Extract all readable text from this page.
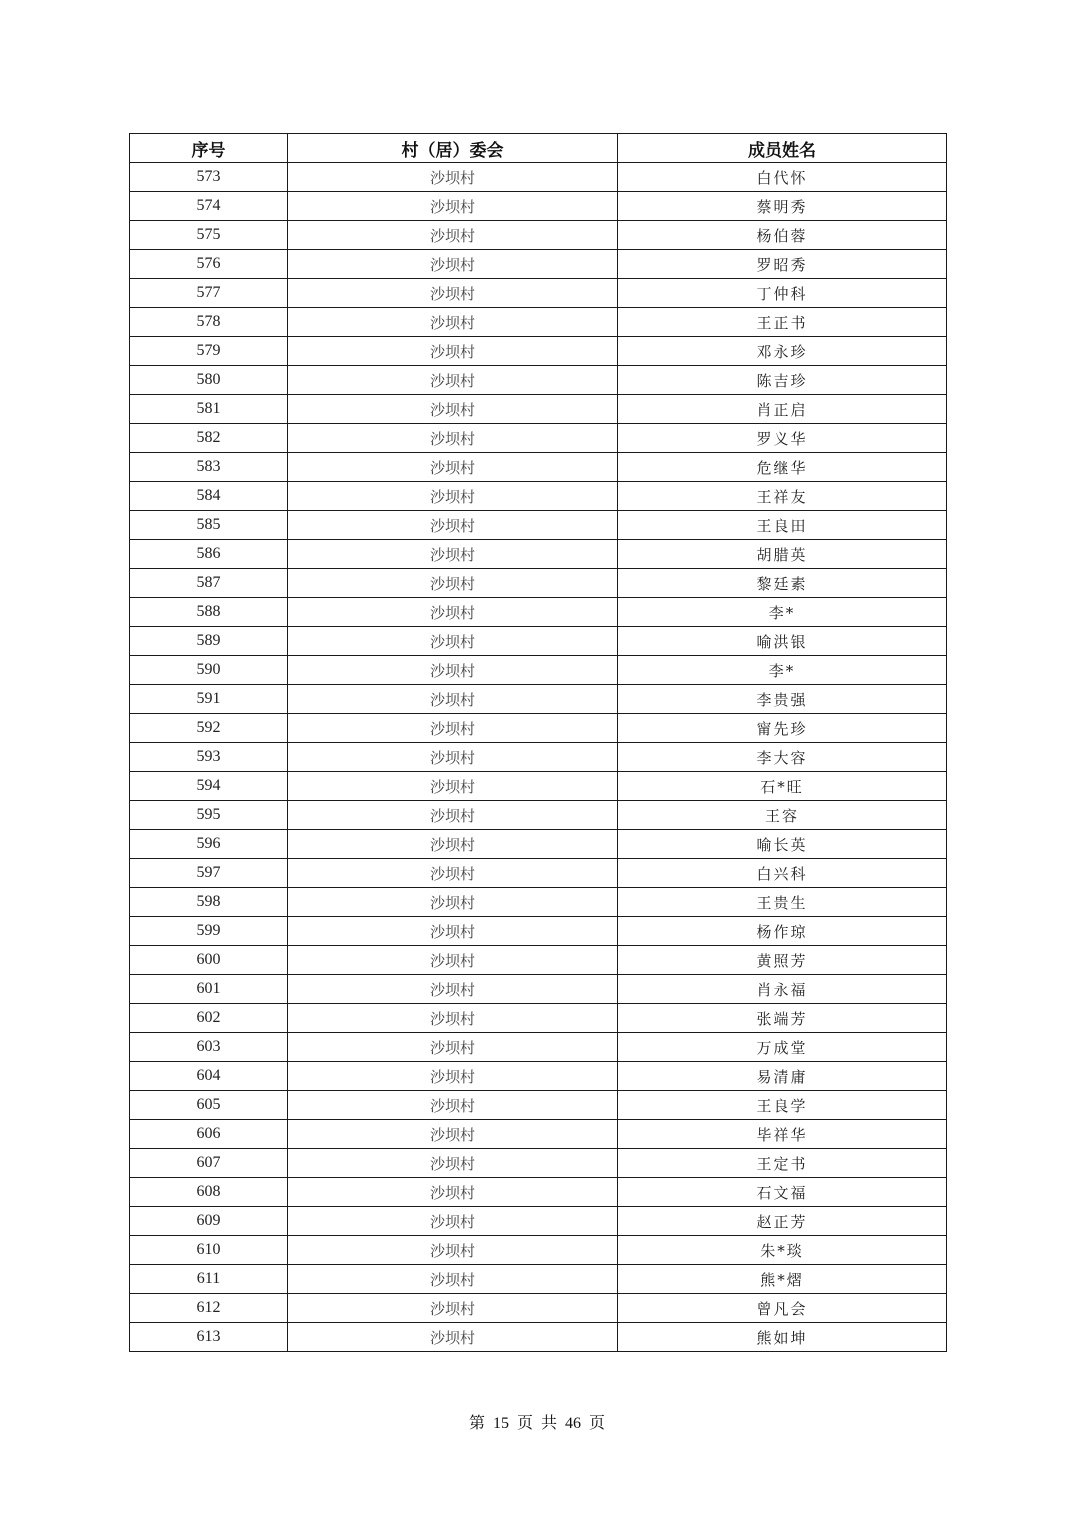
序号	村（居）委会	成员姓名
573	沙坝村	白代怀
574	沙坝村	蔡明秀
575	沙坝村	杨伯蓉
576	沙坝村	罗昭秀
577	沙坝村	丁仲科
578	沙坝村	王正书
579	沙坝村	邓永珍
580	沙坝村	陈吉珍
581	沙坝村	肖正启
582	沙坝村	罗义华
583	沙坝村	危继华
584	沙坝村	王祥友
585	沙坝村	王良田
586	沙坝村	胡腊英
587	沙坝村	黎廷素
588	沙坝村	李*
589	沙坝村	喻洪银
590	沙坝村	李*
591	沙坝村	李贵强
592	沙坝村	甯先珍
593	沙坝村	李大容
594	沙坝村	石*旺
595	沙坝村	王容
596	沙坝村	喻长英
597	沙坝村	白兴科
598	沙坝村	王贵生
599	沙坝村	杨作琼
600	沙坝村	黄照芳
601	沙坝村	肖永福
602	沙坝村	张端芳
603	沙坝村	万成堂
604	沙坝村	易清庸
605	沙坝村	王良学
606	沙坝村	毕祥华
607	沙坝村	王定书
608	沙坝村	石文福
609	沙坝村	赵正芳
610	沙坝村	朱*琰
611	沙坝村	熊*熠
612	沙坝村	曾凡会
613	沙坝村	熊如坤
第 15 页 共 46 页
